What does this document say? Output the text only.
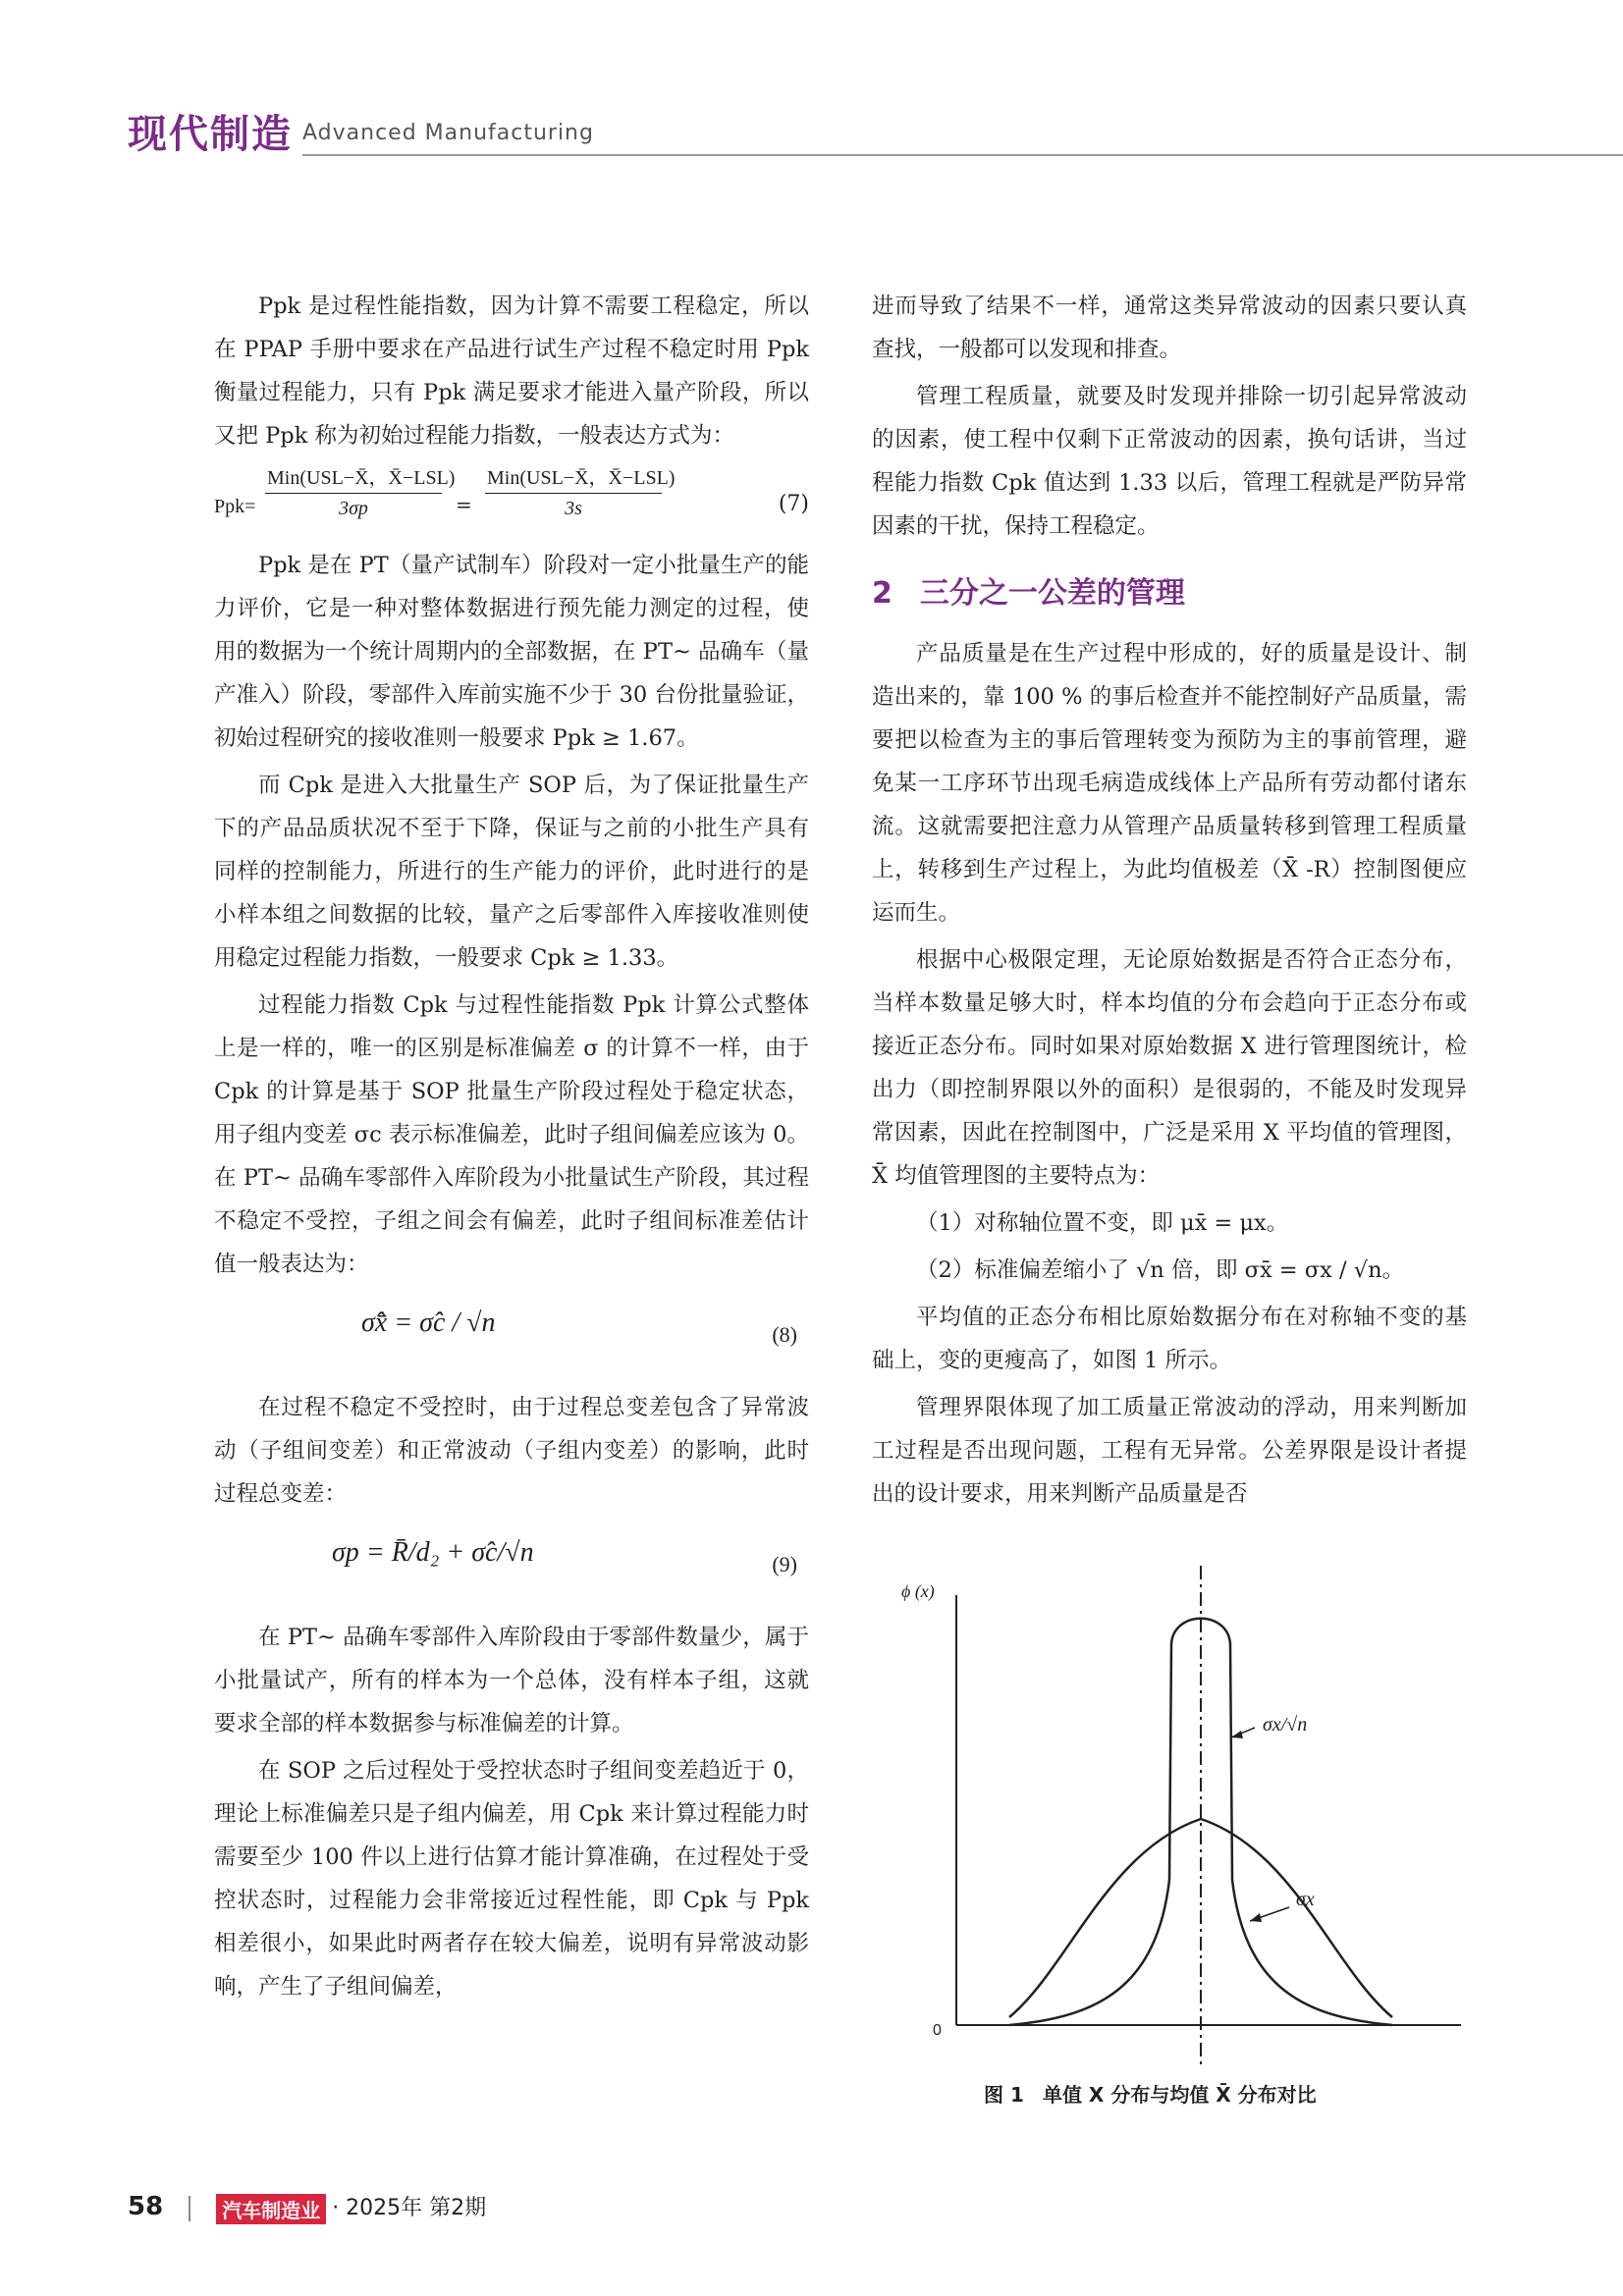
现代制造 Advanced Manufacturing

Ppk 是过程性能指数，因为计算不需要工程稳定，所以在 PPAP 手册中要求在产品进行试生产过程不稳定时用 Ppk 衡量过程能力，只有 Ppk 满足要求才能进入量产阶段，所以又把 Ppk 称为初始过程能力指数，一般表达方式为：

Ppk=
Min(USL−X̄，X̄−LSL)
3σp	=
Min(USL−X̄，X̄−LSL)
3s	(7)

Ppk 是在 PT（量产试制车）阶段对一定小批量生产的能力评价，它是一种对整体数据进行预先能力测定的过程，使用的数据为一个统计周期内的全部数据，在 PT~ 品确车（量产准入）阶段，零部件入库前实施不少于 30 台份批量验证，初始过程研究的接收准则一般要求 Ppk ≥ 1.67。

而 Cpk 是进入大批量生产 SOP 后，为了保证批量生产下的产品品质状况不至于下降，保证与之前的小批生产具有同样的控制能力，所进行的生产能力的评价，此时进行的是小样本组之间数据的比较，量产之后零部件入库接收准则使用稳定过程能力指数，一般要求 Cpk ≥ 1.33。

过程能力指数 Cpk 与过程性能指数 Ppk 计算公式整体上是一样的，唯一的区别是标准偏差 σ 的计算不一样，由于 Cpk 的计算是基于 SOP 批量生产阶段过程处于稳定状态，用子组内变差 σc 表示标准偏差，此时子组间偏差应该为 0。在 PT~ 品确车零部件入库阶段为小批量试生产阶段，其过程不稳定不受控，子组之间会有偏差，此时子组间标准差估计值一般表达为：

σ̂x̄ = σ̂c / √n	(8)

在过程不稳定不受控时，由于过程总变差包含了异常波动（子组间变差）和正常波动（子组内变差）的影响，此时过程总变差：

σp = R̄/d₂ + σ̂c/√n	(9)

在 PT~ 品确车零部件入库阶段由于零部件数量少，属于小批量试产，所有的样本为一个总体，没有样本子组，这就要求全部的样本数据参与标准偏差的计算。

在 SOP 之后过程处于受控状态时子组间变差趋近于 0，理论上标准偏差只是子组内偏差，用 Cpk 来计算过程能力时需要至少 100 件以上进行估算才能计算准确，在过程处于受控状态时，过程能力会非常接近过程性能，即 Cpk 与 Ppk 相差很小，如果此时两者存在较大偏差，说明有异常波动影响，产生了子组间偏差，

进而导致了结果不一样，通常这类异常波动的因素只要认真查找，一般都可以发现和排查。

管理工程质量，就要及时发现并排除一切引起异常波动的因素，使工程中仅剩下正常波动的因素，换句话讲，当过程能力指数 Cpk 值达到 1.33 以后，管理工程就是严防异常因素的干扰，保持工程稳定。

2 三分之一公差的管理

产品质量是在生产过程中形成的，好的质量是设计、制造出来的，靠 100 % 的事后检查并不能控制好产品质量，需要把以检查为主的事后管理转变为预防为主的事前管理，避免某一工序环节出现毛病造成线体上产品所有劳动都付诸东流。这就需要把注意力从管理产品质量转移到管理工程质量上，转移到生产过程上，为此均值极差（X̄ -R）控制图便应运而生。

根据中心极限定理，无论原始数据是否符合正态分布，当样本数量足够大时，样本均值的分布会趋向于正态分布或接近正态分布。同时如果对原始数据 X 进行管理图统计，检出力（即控制界限以外的面积）是很弱的，不能及时发现异常因素，因此在控制图中，广泛是采用 X 平均值的管理图，X̄ 均值管理图的主要特点为：

（1）对称轴位置不变，即 μx̄ = μx。

（2）标准偏差缩小了 √n 倍，即 σx̄ = σx / √n。

平均值的正态分布相比原始数据分布在对称轴不变的基础上，变的更瘦高了，如图 1 所示。

管理界限体现了加工质量正常波动的浮动，用来判断加工过程是否出现问题，工程有无异常。公差界限是设计者提出的设计要求，用来判断产品质量是否

ϕ (x)
0
σx/√n
σx
图 1 单值 X 分布与均值 X̄ 分布对比
58	汽车制造业 · 2025年 第2期
